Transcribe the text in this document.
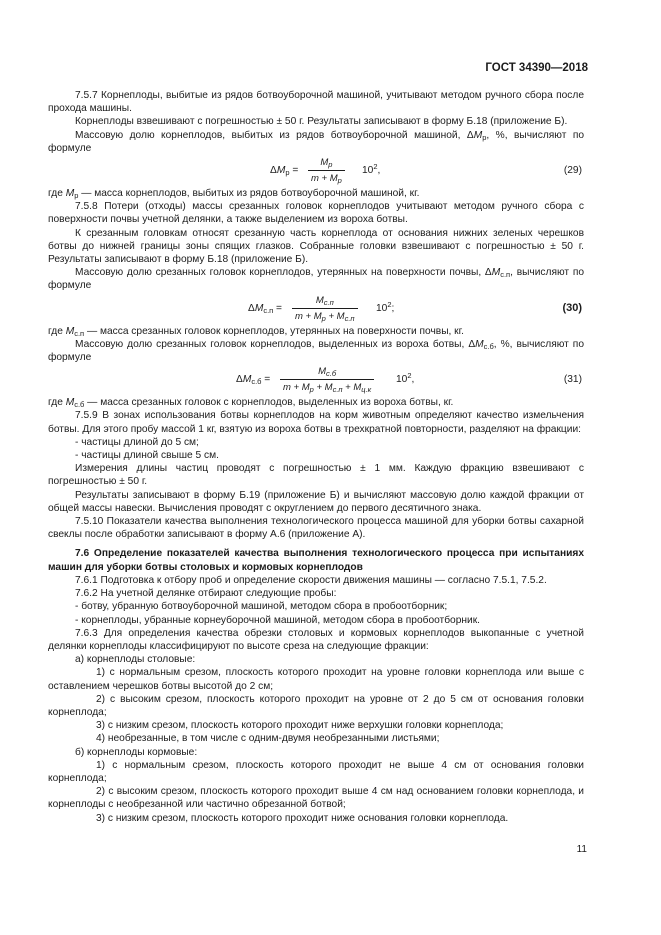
ГОСТ 34390—2018

7.5.7 Корнеплоды, выбитые из рядов ботвоуборочной машиной, учитывают методом ручного сбора после прохода машины.

Корнеплоды взвешивают с погрешностью ± 50 г. Результаты записывают в форму Б.18 (приложение Б).

Массовую долю корнеплодов, выбитых из рядов ботвоуборочной машиной, $\Delta M_р$, %, вычисляют по формуле

$\Delta M_р$ =
$M_р$
$m + M_р$
$10^2$,	(29)

где $M_р$ — масса корнеплодов, выбитых из рядов ботвоуборочной машиной, кг.

7.5.8 Потери (отходы) массы срезанных головок корнеплодов учитывают методом ручного сбора с поверхности почвы учетной делянки, а также выделением из вороха ботвы.

К срезанным головкам относят срезанную часть корнеплода от основания нижних зеленых черешков ботвы до нижней границы зоны спящих глазков. Собранные головки взвешивают с погрешностью ± 50 г. Результаты записывают в форму Б.18 (приложение Б).

Массовую долю срезанных головок корнеплодов, утерянных на поверхности почвы, $\Delta M_{с.п}$, вычисляют по формуле

$\Delta M_{с.п}$ =
$M_{с.п}$
$m + M_р + M_{с.п}$
$10^2$;	(30)

где $M_{с.п}$ — масса срезанных головок корнеплодов, утерянных на поверхности почвы, кг.

Массовую долю срезанных головок корнеплодов, выделенных из вороха ботвы, $\Delta M_{с.б}$, %, вычисляют по формуле

$\Delta M_{с.б}$ =
$M_{с.б}$
$m + M_р + M_{с.п} + M_{ц.к}$
$10^2$,	(31)

где $M_{с.б}$ — масса срезанных головок с корнеплодов, выделенных из вороха ботвы, кг.

7.5.9 В зонах использования ботвы корнеплодов на корм животным определяют качество измельчения ботвы. Для этого пробу массой 1 кг, взятую из вороха ботвы в трехкратной повторности, разделяют на фракции:

- частицы длиной до 5 см;

- частицы длиной свыше 5 см.

Измерения длины частиц проводят с погрешностью ± 1 мм. Каждую фракцию взвешивают с погрешностью ± 50 г.

Результаты записывают в форму Б.19 (приложение Б) и вычисляют массовую долю каждой фракции от общей массы навески. Вычисления проводят с округлением до первого десятичного знака.

7.5.10 Показатели качества выполнения технологического процесса машиной для уборки ботвы сахарной свеклы после обработки записывают в форму А.6 (приложение А).

7.6 Определение показателей качества выполнения технологического процесса при испытаниях машин для уборки ботвы столовых и кормовых корнеплодов

7.6.1 Подготовка к отбору проб и определение скорости движения машины — согласно 7.5.1, 7.5.2.

7.6.2 На учетной делянке отбирают следующие пробы:

- ботву, убранную ботвоуборочной машиной, методом сбора в пробоотборник;

- корнеплоды, убранные корнеуборочной машиной, методом сбора в пробоотборник.

7.6.3 Для определения качества обрезки столовых и кормовых корнеплодов выкопанные с учетной делянки корнеплоды классифицируют по высоте среза на следующие фракции:

а) корнеплоды столовые:

1) с нормальным срезом, плоскость которого проходит на уровне головки корнеплода или выше с оставлением черешков ботвы высотой до 2 см;

2) с высоким срезом, плоскость которого проходит на уровне от 2 до 5 см от основания головки корнеплода;

3) с низким срезом, плоскость которого проходит ниже верхушки головки корнеплода;

4) необрезанные, в том числе с одним-двумя необрезанными листьями;

б) корнеплоды кормовые:

1) с нормальным срезом, плоскость которого проходит не выше 4 см от основания головки корнеплода;

2) с высоким срезом, плоскость которого проходит выше 4 см над основанием головки корнеплода, и корнеплоды с необрезанной или частично обрезанной ботвой;

3) с низким срезом, плоскость которого проходит ниже основания головки корнеплода.

11
